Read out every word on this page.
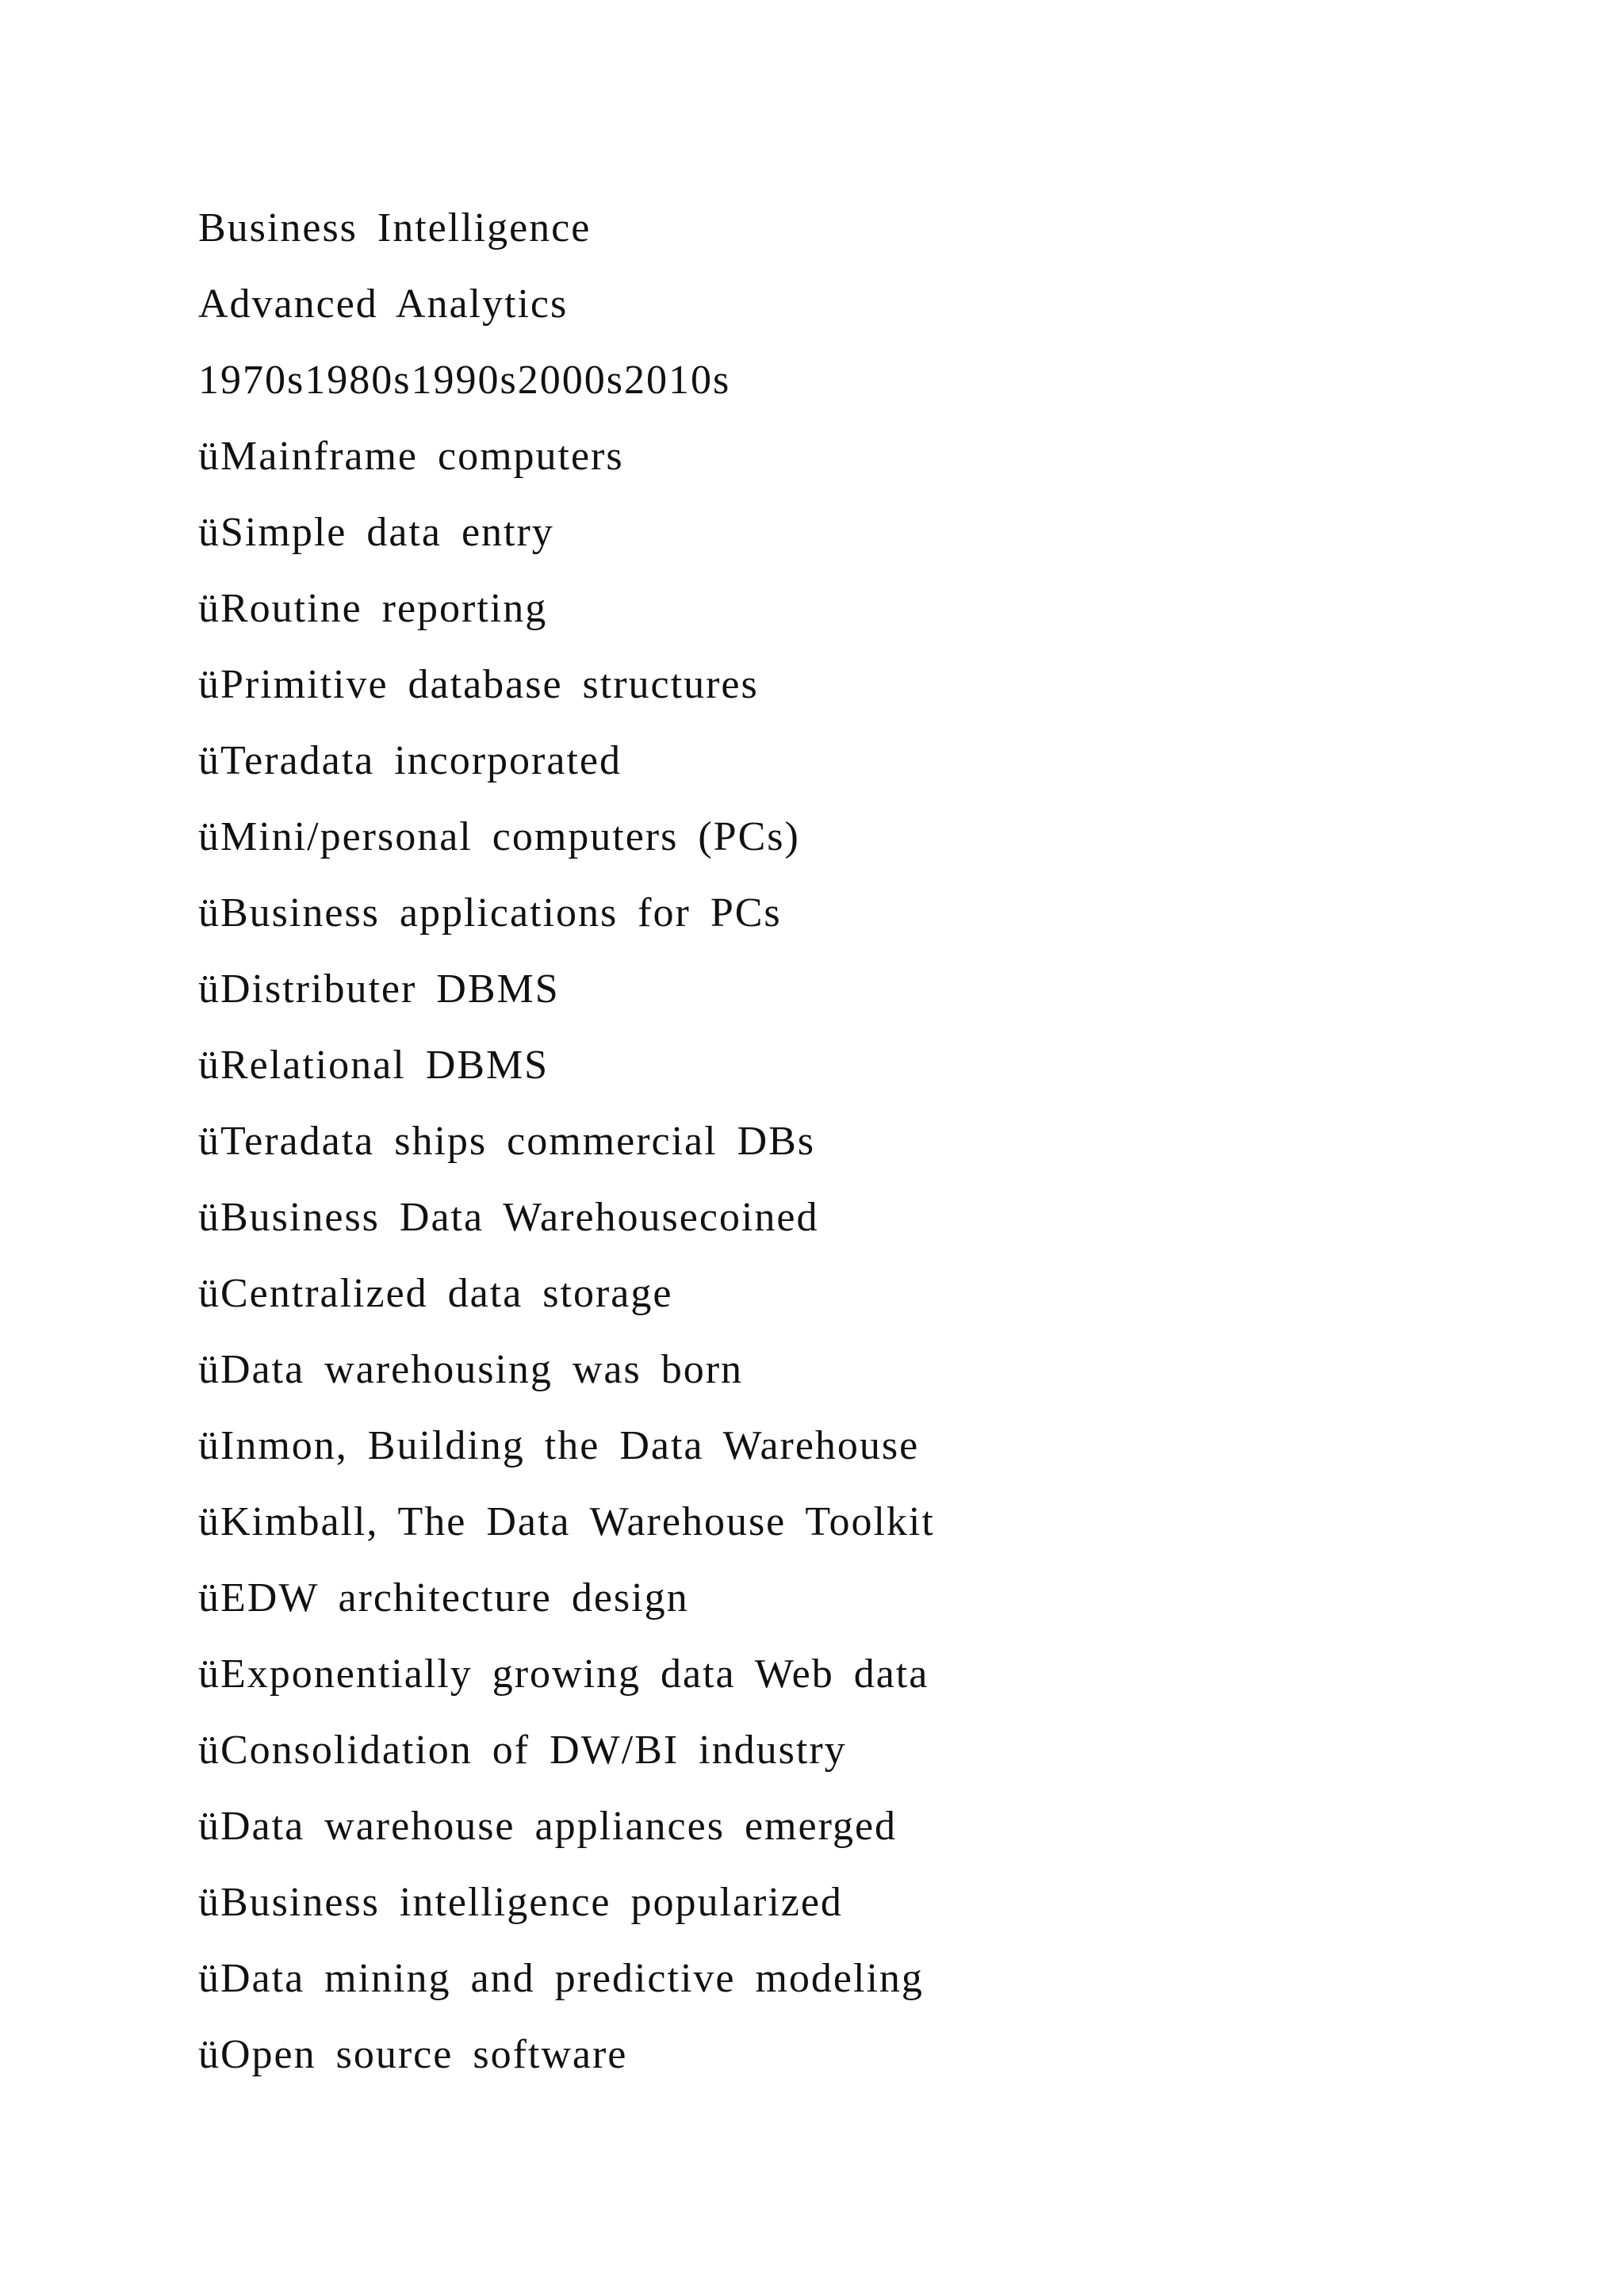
Business Intelligence
Advanced Analytics
1970s1980s1990s2000s2010s
üMainframe computers
üSimple data entry
üRoutine reporting
üPrimitive database structures
üTeradata incorporated
üMini/personal computers (PCs)
üBusiness applications for PCs
üDistributer DBMS
üRelational DBMS
üTeradata ships commercial DBs
üBusiness Data Warehousecoined
üCentralized data storage
üData warehousing was born
üInmon, Building the Data Warehouse
üKimball, The Data Warehouse Toolkit
üEDW architecture design
üExponentially growing data Web data
üConsolidation of DW/BI industry
üData warehouse appliances emerged
üBusiness intelligence popularized
üData mining and predictive modeling
üOpen source software
